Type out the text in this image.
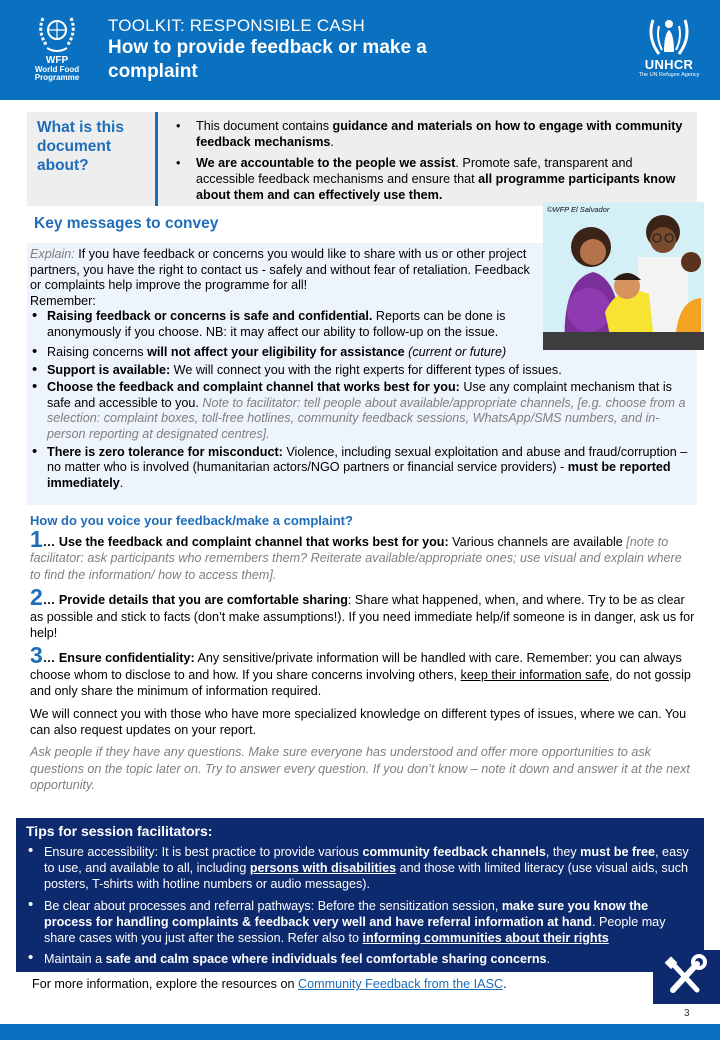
WFP
World Food
Programme
TOOLKIT: RESPONSIBLE CASH
How to provide feedback or make a
complaint	UNHCR
The UN Refugee Agency
What is this document about?
• This document contains guidance and materials on how to engage with community feedback mechanisms.
• We are accountable to the people we assist. Promote safe, transparent and accessible feedback mechanisms and ensure that all programme participants know about them and can effectively use them.
Key messages to convey
©WFP El Salvador

Explain: If you have feedback or concerns you would like to share with us or other project partners, you have the right to contact us - safely and without fear of retaliation. Feedback or complaints help improve the programme for all!

Remember:

• Raising feedback or concerns is safe and confidential. Reports can be done is anonymously if you choose. NB: it may affect our ability to follow-up on the issue.
• Raising concerns will not affect your eligibility for assistance (current or future)
• Support is available: We will connect you with the right experts for different types of issues.
• Choose the feedback and complaint channel that works best for you: Use any complaint mechanism that is safe and accessible to you. Note to facilitator: tell people about available/appropriate channels, [e.g. choose from a selection: complaint boxes, toll-free hotlines, community feedback sessions, WhatsApp/SMS numbers, and in-person reporting at designated centres].
• There is zero tolerance for misconduct: Violence, including sexual exploitation and abuse and fraud/corruption – no matter who is involved (humanitarian actors/NGO partners or financial service providers) - must be reported immediately.
How do you voice your feedback/make a complaint?

1… Use the feedback and complaint channel that works best for you: Various channels are available [note to facilitator: ask participants who remembers them? Reiterate available/appropriate ones; use visual and explain where to find the information/ how to access them].

2… Provide details that you are comfortable sharing: Share what happened, when, and where. Try to be as clear as possible and stick to facts (don’t make assumptions!). If you need immediate help/if someone is in danger, ask us for help!

3… Ensure confidentiality: Any sensitive/private information will be handled with care. Remember: you can always choose whom to disclose to and how. If you share concerns involving others, keep their information safe, do not gossip and only share the minimum of information required.

We will connect you with those who have more specialized knowledge on different types of issues, where we can. You can also request updates on your report.

Ask people if they have any questions. Make sure everyone has understood and offer more opportunities to ask questions on the topic later on. Try to answer every question. If you don’t know – note it down and answer it at the next opportunity.

Tips for session facilitators:
• Ensure accessibility: It is best practice to provide various community feedback channels, they must be free, easy to use, and available to all, including persons with disabilities and those with limited literacy (use visual aids, such posters, T-shirts with hotline numbers or audio messages).
• Be clear about processes and referral pathways: Before the sensitization session, make sure you know the process for handling complaints & feedback very well and have referral information at hand. People may share cases with you just after the session. Refer also to informing communities about their rights
• Maintain a safe and calm space where individuals feel comfortable sharing concerns.
For more information, explore the resources on Community Feedback from the IASC.
3
